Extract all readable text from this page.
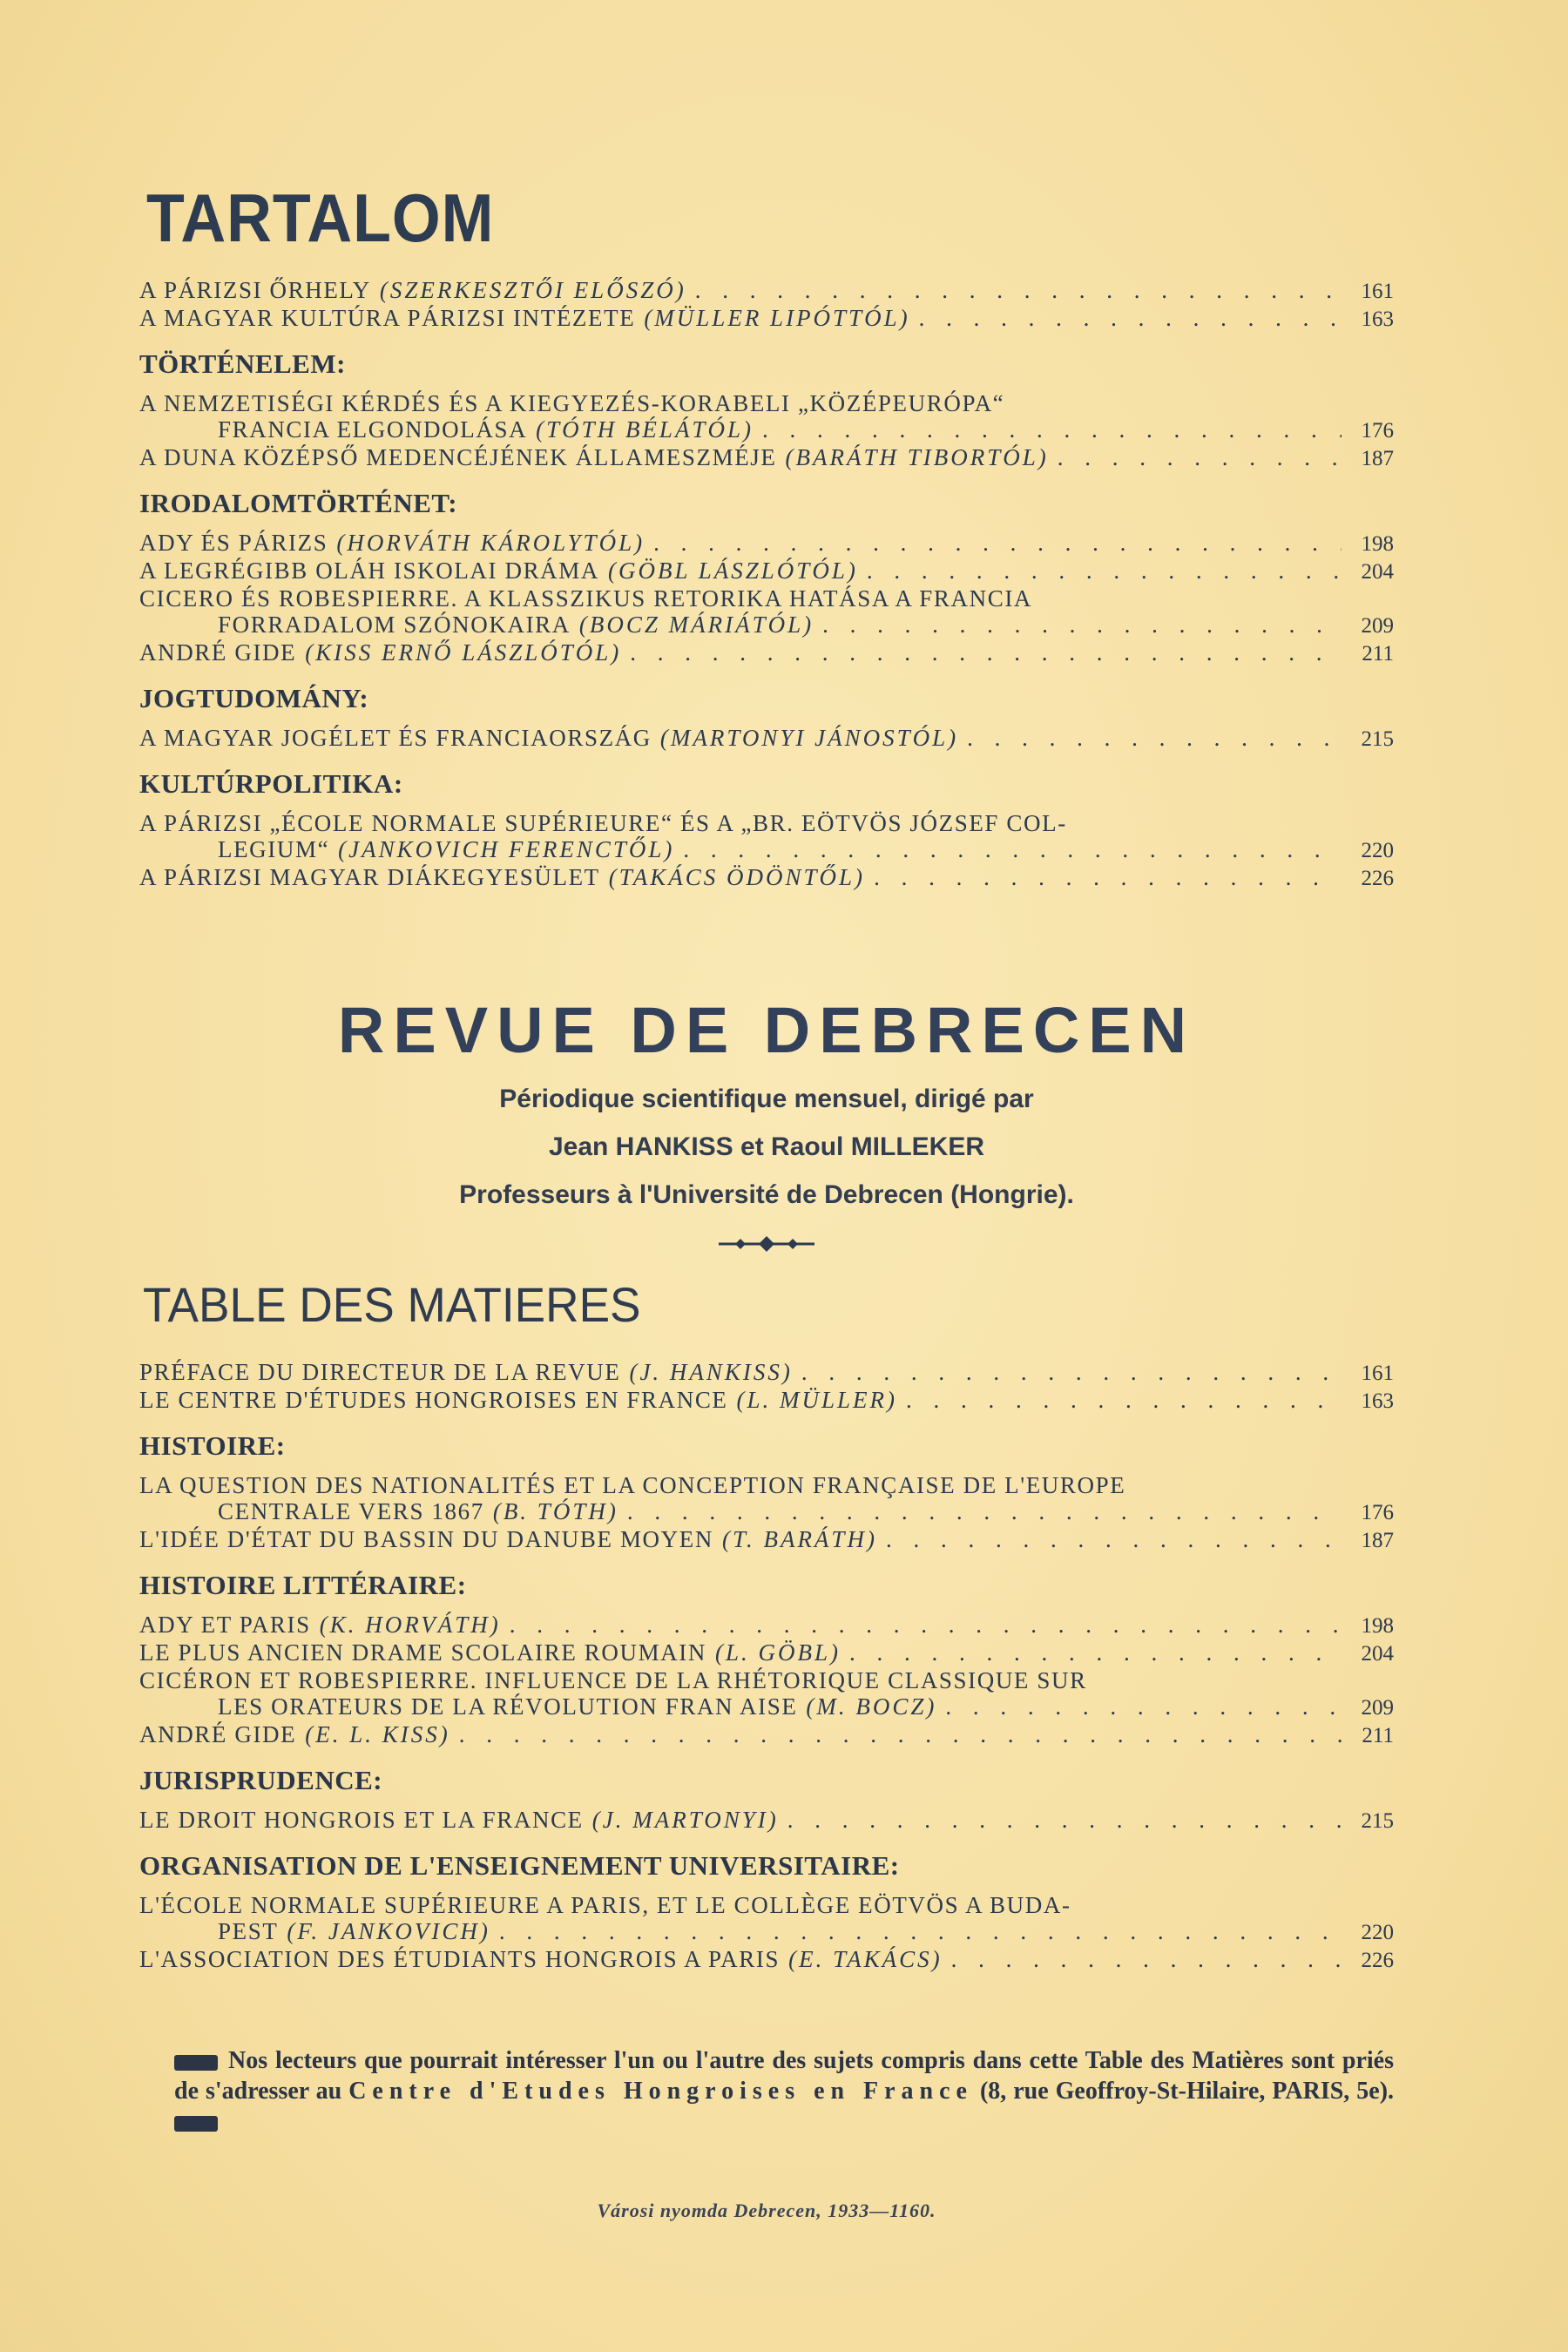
TARTALOM
A PÁRIZSI ŐRHELY (SZERKESZTŐI ELŐSZÓ) . . .	161
A MAGYAR KULTÚRA PÁRIZSI INTÉZETE (MÜLLER LIPÓTTÓL) . . .	163
TÖRTÉNELEM:
A NEMZETISÉGI KÉRDÉS ÉS A KIEGYEZÉS-KORABELI „KÖZÉPEURÓPA“
FRANCIA ELGONDOLÁSA (TÓTH BÉLÁTÓL) . . .	176
A DUNA KÖZÉPSŐ MEDENCÉJÉNEK ÁLLAMESZMÉJE (BARÁTH TIBORTÓL) . . .	187
IRODALOMTÖRTÉNET:
ADY ÉS PÁRIZS (HORVÁTH KÁROLYTÓL) . . .	198
A LEGRÉGIBB OLÁH ISKOLAI DRÁMA (GÖBL LÁSZLÓTÓL) . . .	204
CICERO ÉS ROBESPIERRE. A KLASSZIKUS RETORIKA HATÁSA A FRANCIA
FORRADALOM SZÓNOKAIRA (BOCZ MÁRIÁTÓL) . . .	209
ANDRÉ GIDE (KISS ERNŐ LÁSZLÓTÓL) . . .	211
JOGTUDOMÁNY:
A MAGYAR JOGÉLET ÉS FRANCIAORSZÁG (MARTONYI JÁNOSTÓL) . . .	215
KULTÚRPOLITIKA:
A PÁRIZSI „ÉCOLE NORMALE SUPÉRIEURE“ ÉS A „BR. EÖTVÖS JÓZSEF COL-
LEGIUM“ (JANKOVICH FERENCTŐL) . . .	220
A PÁRIZSI MAGYAR DIÁKEGYESÜLET (TAKÁCS ÖDÖNTŐL) . . .	226
REVUE DE DEBRECEN
Périodique scientifique mensuel, dirigé par
Jean HANKISS et Raoul MILLEKER
Professeurs à l'Université de Debrecen (Hongrie).
TABLE DES MATIERES
PRÉFACE DU DIRECTEUR DE LA REVUE (J. HANKISS) . . .	161
LE CENTRE D'ÉTUDES HONGROISES EN FRANCE (L. MÜLLER) . . .	163
HISTOIRE:
LA QUESTION DES NATIONALITÉS ET LA CONCEPTION FRANÇAISE DE L'EUROPE
CENTRALE VERS 1867 (B. TÓTH) . . .	176
L'IDÉE D'ÉTAT DU BASSIN DU DANUBE MOYEN (T. BARÁTH) . . .	187
HISTOIRE LITTÉRAIRE:
ADY ET PARIS (K. HORVÁTH) . . .	198
LE PLUS ANCIEN DRAME SCOLAIRE ROUMAIN (L. GÖBL) . . .	204
CICÉRON ET ROBESPIERRE. INFLUENCE DE LA RHÉTORIQUE CLASSIQUE SUR
LES ORATEURS DE LA RÉVOLUTION FRAN AISE (M. BOCZ) . . .	209
ANDRÉ GIDE (E. L. KISS) . . .	211
JURISPRUDENCE:
LE DROIT HONGROIS ET LA FRANCE (J. MARTONYI) . . .	215
ORGANISATION DE L'ENSEIGNEMENT UNIVERSITAIRE:
L'ÉCOLE NORMALE SUPÉRIEURE A PARIS, ET LE COLLÈGE EÖTVÖS A BUDA-
PEST (F. JANKOVICH) . . .	220
L'ASSOCIATION DES ÉTUDIANTS HONGROIS A PARIS (E. TAKÁCS) . . .	226
Nos lecteurs que pourrait intéresser l'un ou l'autre des sujets compris dans cette Table des Matières sont priés de s'adresser au Centre d'Etudes Hongroises en France (8, rue Geoffroy-St-Hilaire, PARIS, 5e).
Városi nyomda Debrecen, 1933—1160.
